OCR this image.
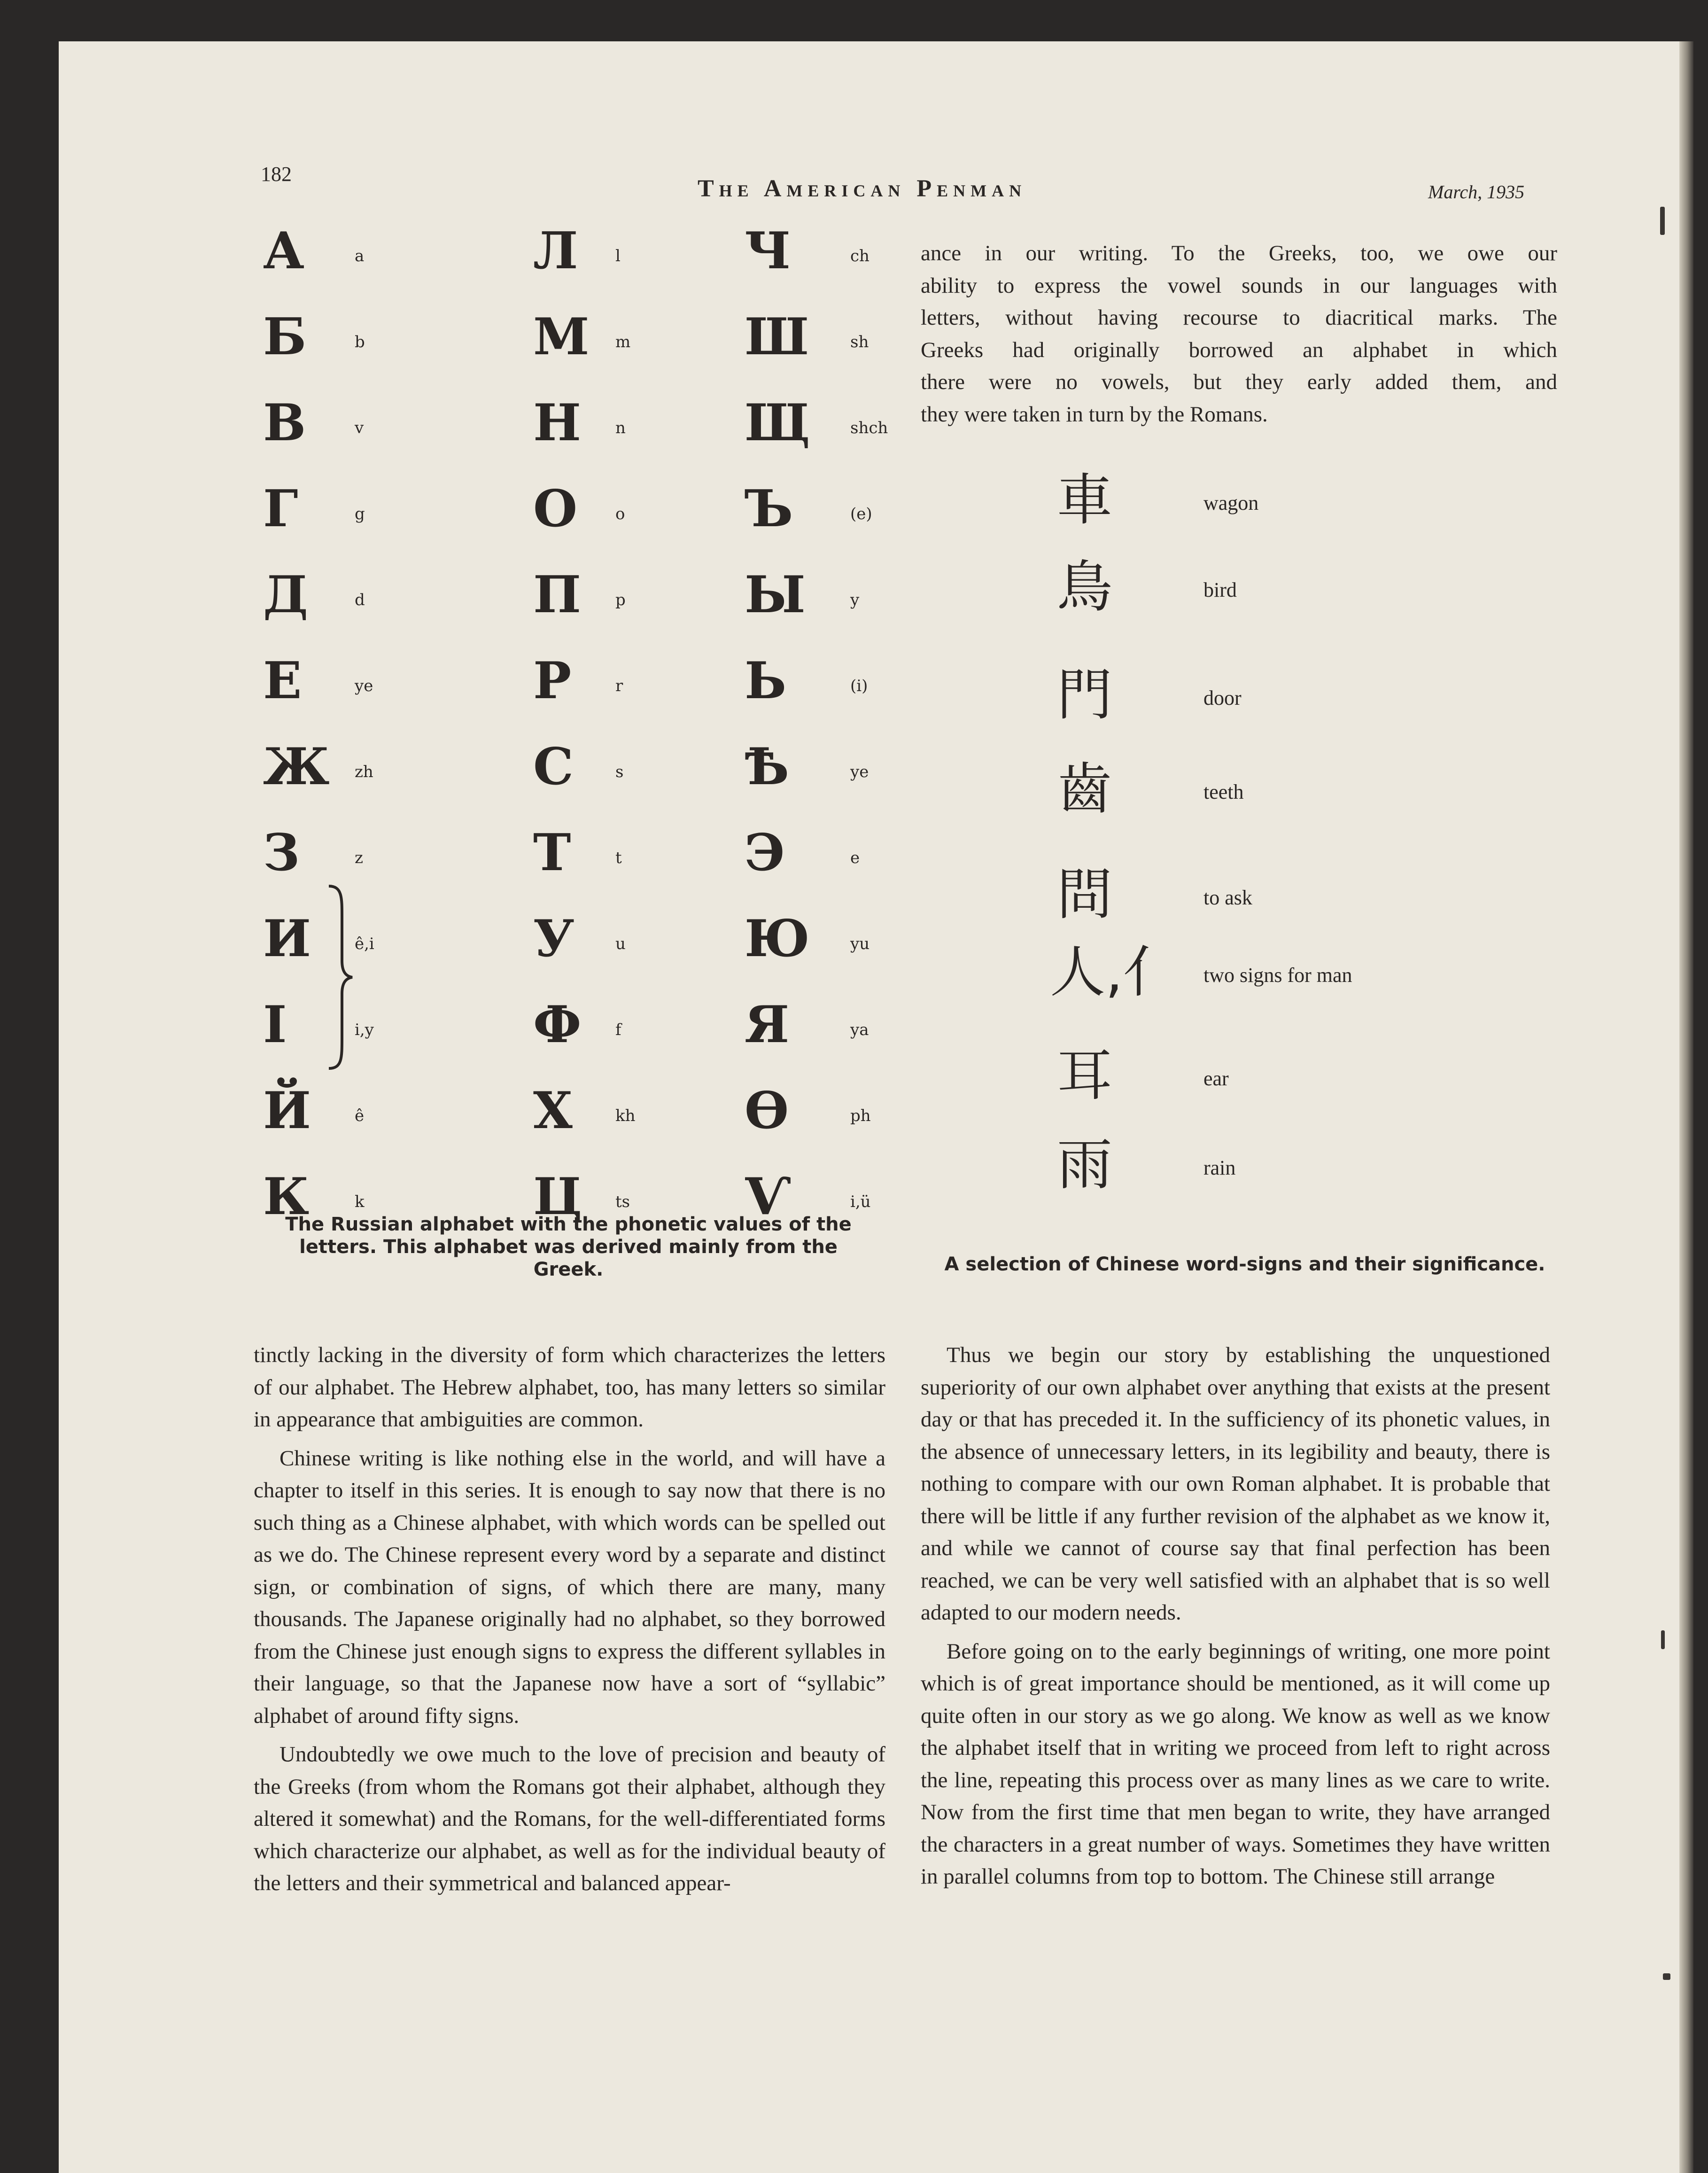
182
The American Penman	March, 1935
А	a
Б	b
В	v
Г	g
Д	d
Е	ye
Ж zh
З	z
И	ê,i
І	i,y
Й	ê
К	k
Л l
М m
Н n
О o
П p
Р	r
С	s
Т	t
У	u
Ф f
Х	kh
Ц ts
Ч	ch
Ш	sh
Щ	shch
Ъ	(e)
Ы	y
Ь	(i)
Ѣ	ye
Э	e
Ю	yu
Я	ya
Ѳ	ph
Ѵ	i,ü
The Russian alphabet with the phonetic values of the
letters. This alphabet was derived mainly from the
Greek.
ance in our writing. To the Greeks, too, we owe our
ability to express the vowel sounds in our languages with
letters, without having recourse to diacritical marks. The
Greeks had originally borrowed an alphabet in which
there were no vowels, but they early added them, and
they were taken in turn by the Romans.
車	wagon
鳥	bird
門	door
齒	teeth
問	to ask
人,亻 two signs for man
耳	ear
雨	rain
A selection of Chinese word-signs and their significance.

tinctly lacking in the diversity of form which characterizes the letters of our alphabet. The Hebrew alphabet, too, has many letters so similar in appearance that ambiguities are common.

Chinese writing is like nothing else in the world, and will have a chapter to itself in this series. It is enough to say now that there is no such thing as a Chinese alphabet, with which words can be spelled out as we do. The Chinese represent every word by a separate and distinct sign, or combination of signs, of which there are many, many thousands. The Japanese originally had no alphabet, so they borrowed from the Chinese just enough signs to express the different syllables in their language, so that the Japanese now have a sort of “syllabic” alphabet of around fifty signs.

Undoubtedly we owe much to the love of precision and beauty of the Greeks (from whom the Romans got their alphabet, although they altered it somewhat) and the Romans, for the well-differentiated forms which characterize our alphabet, as well as for the individual beauty of the letters and their symmetrical and balanced appear-

Thus we begin our story by establishing the unquestioned superiority of our own alphabet over anything that exists at the present day or that has preceded it. In the sufficiency of its phonetic values, in the absence of unnecessary letters, in its legibility and beauty, there is nothing to compare with our own Roman alphabet. It is probable that there will be little if any further revision of the alphabet as we know it, and while we cannot of course say that final perfection has been reached, we can be very well satisfied with an alphabet that is so well adapted to our modern needs.

Before going on to the early beginnings of writing, one more point which is of great importance should be mentioned, as it will come up quite often in our story as we go along. We know as well as we know the alphabet itself that in writing we proceed from left to right across the line, repeating this process over as many lines as we care to write. Now from the first time that men began to write, they have arranged the characters in a great number of ways. Sometimes they have written in parallel columns from top to bottom. The Chinese still arrange
